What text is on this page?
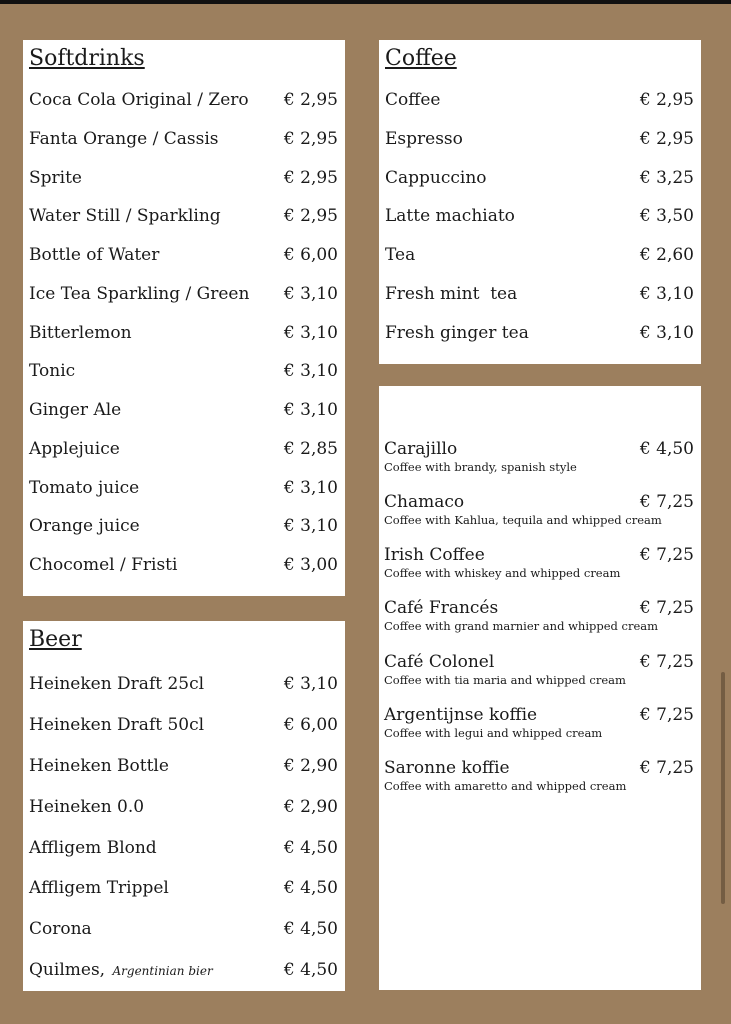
Softdrinks
Coca Cola Original / Zero € 2,95
Fanta Orange / Cassis	€ 2,95
Sprite	€ 2,95
Water Still / Sparkling	€ 2,95
Bottle of Water	€ 6,00
Ice Tea Sparkling / Green € 3,10
Bitterlemon	€ 3,10
Tonic	€ 3,10
Ginger Ale	€ 3,10
Applejuice	€ 2,85
Tomato juice	€ 3,10
Orange juice	€ 3,10
Chocomel / Fristi	€ 3,00
Beer
Heineken Draft 25cl	€ 3,10
Heineken Draft 50cl	€ 6,00
Heineken Bottle	€ 2,90
Heineken 0.0	€ 2,90
Affligem Blond	€ 4,50
Affligem Trippel	€ 4,50
Corona	€ 4,50
Quilmes, Argentinian bier	€ 4,50
Coffee
Coffee	€ 2,95
Espresso	€ 2,95
Cappuccino	€ 3,25
Latte machiato	€ 3,50
Tea	€ 2,60
Fresh mint  tea	€ 3,10
Fresh ginger tea	€ 3,10
Carajillo	€ 4,50
Coffee with brandy, spanish style
Chamaco	€ 7,25
Coffee with Kahlua, tequila and whipped cream
Irish Coffee	€ 7,25
Coffee with whiskey and whipped cream
Café Francés	€ 7,25
Coffee with grand marnier and whipped cream
Café Colonel	€ 7,25
Coffee with tia maria and whipped cream
Argentijnse koffie	€ 7,25
Coffee with legui and whipped cream
Saronne koffie	€ 7,25
Coffee with amaretto and whipped cream
